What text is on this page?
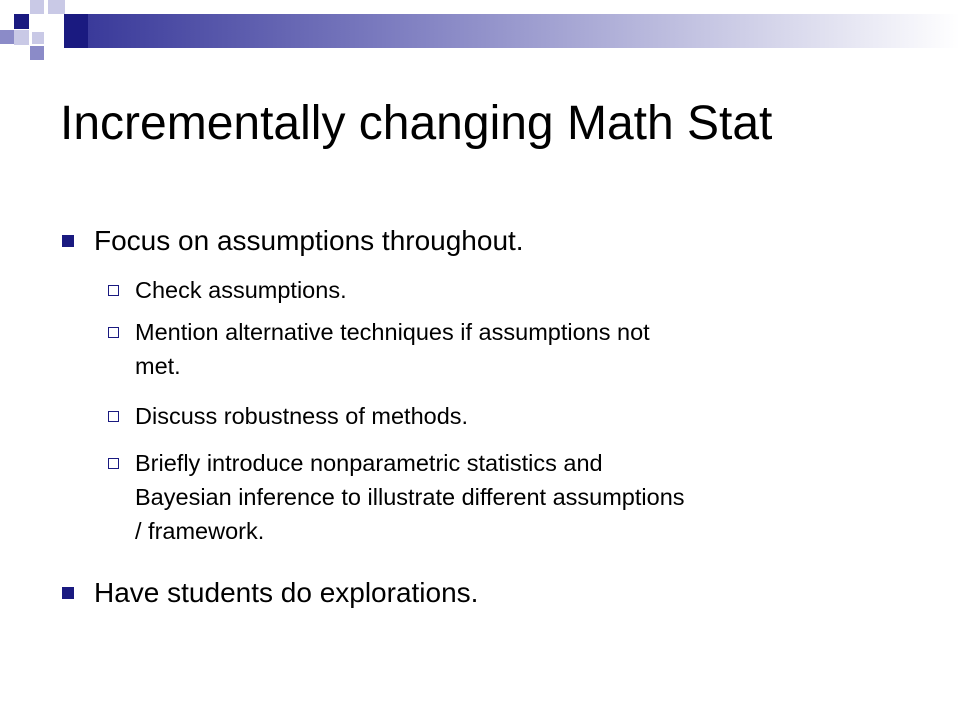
Incrementally changing Math Stat
Focus on assumptions throughout.
Check assumptions.
Mention alternative techniques if assumptions not
met.
Discuss robustness of methods.
Briefly introduce nonparametric statistics and
Bayesian inference to illustrate different assumptions
/ framework.
Have students do explorations.
